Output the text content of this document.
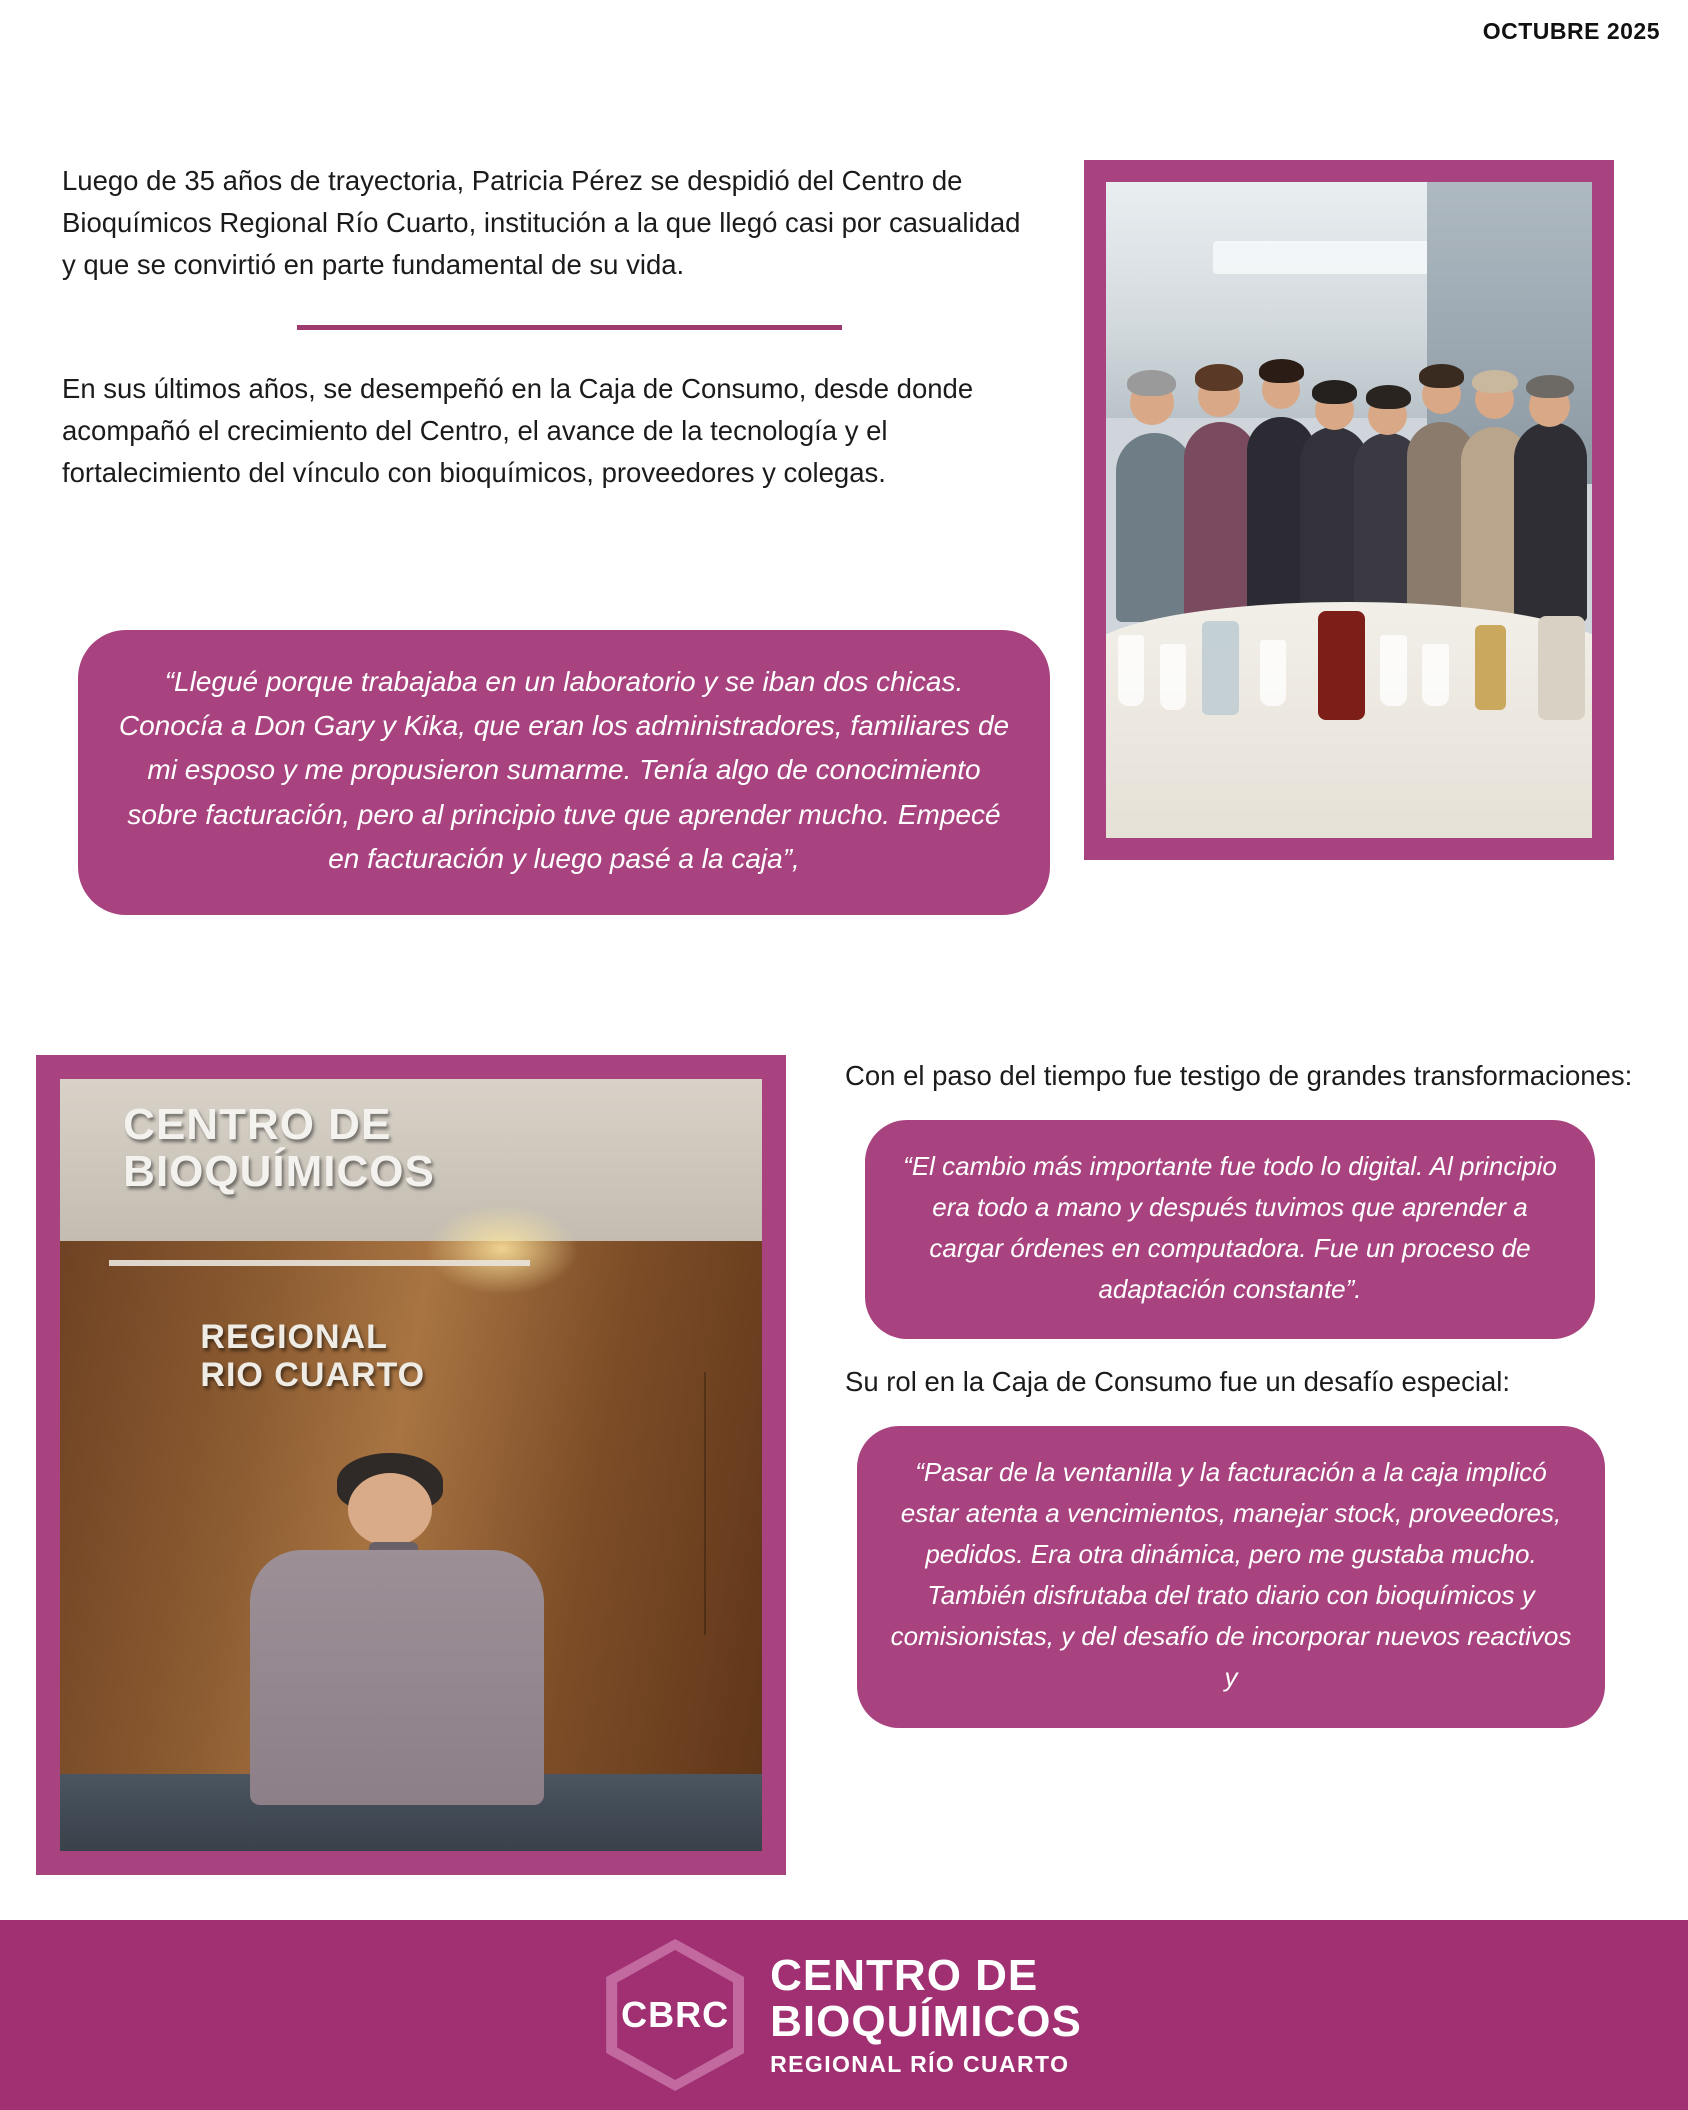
OCTUBRE 2025

Luego de 35 años de trayectoria, Patricia Pérez se despidió del Centro de Bioquímicos Regional Río Cuarto, institución a la que llegó casi por casualidad y que se convirtió en parte fundamental de su vida.

En sus últimos años, se desempeñó en la Caja de Consumo, desde donde acompañó el crecimiento del Centro, el avance de la tecnología y el fortalecimiento del vínculo con bioquímicos, proveedores y colegas.

“Llegué porque trabajaba en un laboratorio y se iban dos chicas. Conocía a Don Gary y Kika, que eran los administradores, familiares de mi esposo y me propusieron sumarme. Tenía algo de conocimiento sobre facturación, pero al principio tuve que aprender mucho. Empecé en facturación y luego pasé a la caja”,
CENTRO DE
BIOQUÍMICOS
REGIONAL
RIO CUARTO

Con el paso del tiempo fue testigo de grandes transformaciones:

“El cambio más importante fue todo lo digital. Al principio era todo a mano y después tuvimos que aprender a cargar órdenes en computadora. Fue un proceso de adaptación constante”.

Su rol en la Caja de Consumo fue un desafío especial:

“Pasar de la ventanilla y la facturación a la caja implicó estar atenta a vencimientos, manejar stock, proveedores, pedidos. Era otra dinámica, pero me gustaba mucho. También disfrutaba del trato diario con bioquímicos y comisionistas, y del desafío de incorporar nuevos reactivos y
CBRC
CENTRO DE
BIOQUÍMICOS
REGIONAL RÍO CUARTO
